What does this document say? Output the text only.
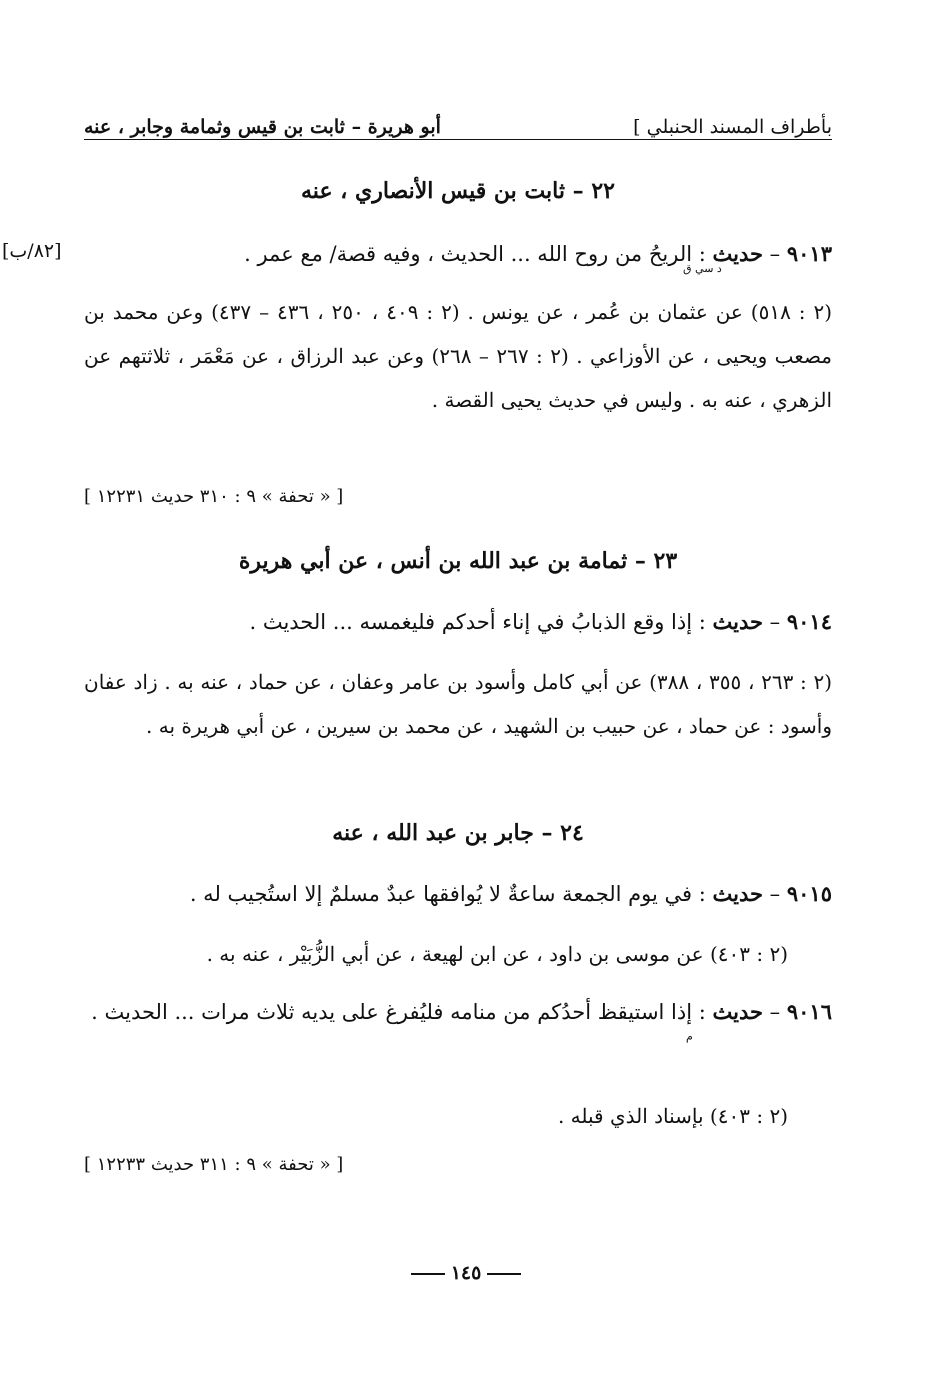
بأطراف المسند الحنبلي ]
أبو هريرة – ثابت بن قيس وثمامة وجابر ، عنه
[٨٢/ب]
٢٢ – ثابت بن قيس الأنصاري ، عنه
٩٠١٣ – حديث : الريحُ من روح الله ... الحديث ، وفيه قصة/ مع عمر .
د سي ق
(٢ : ٥١٨) عن عثمان بن عُمر ، عن يونس . (٢ : ٤٠٩ ، ٢٥٠ ، ٤٣٦ – ٤٣٧) وعن محمد بن مصعب ويحيى ، عن الأوزاعي . (٢ : ٢٦٧ – ٢٦٨) وعن عبد الرزاق ، عن مَعْمَر ، ثلاثتهم عن الزهري ، عنه به . وليس في حديث يحيى القصة .
[ « تحفة » ٩ : ٣١٠ حديث ١٢٢٣١ ]
٢٣ – ثمامة بن عبد الله بن أنس ، عن أبي هريرة
٩٠١٤ – حديث : إذا وقع الذبابُ في إناء أحدكم فليغمسه ... الحديث .
(٢ : ٢٦٣ ، ٣٥٥ ، ٣٨٨) عن أبي كامل وأسود بن عامر وعفان ، عن حماد ، عنه به . زاد عفان وأسود : عن حماد ، عن حبيب بن الشهيد ، عن محمد بن سيرين ، عن أبي هريرة به .
٢٤ – جابر بن عبد الله ، عنه
٩٠١٥ – حديث : في يوم الجمعة ساعةٌ لا يُوافقها عبدٌ مسلمٌ إلا استُجيب له .
(٢ : ٤٠٣) عن موسى بن داود ، عن ابن لهيعة ، عن أبي الزُّبَيْر ، عنه به .
٩٠١٦ – حديث : إذا استيقظ أحدُكم من منامه فليُفرغ على يديه ثلاث مرات ... الحديث .
م
(٢ : ٤٠٣) بإسناد الذي قبله .
[ « تحفة » ٩ : ٣١١ حديث ١٢٢٣٣ ]
١٤٥
